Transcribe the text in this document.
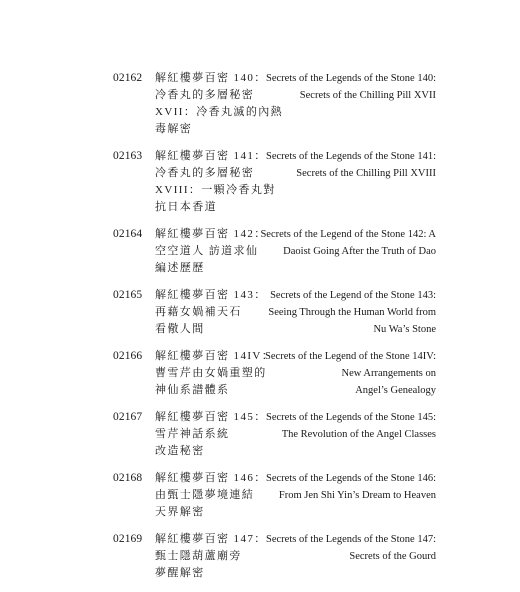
02162 解紅樓夢百密 140：
冷香丸的多層秘密
XVII：冷香丸滅的內熱
毒解密
Secrets of the Legends of the Stone 140:
Secrets of the Chilling Pill XVII
02163 解紅樓夢百密 141：
冷香丸的多層秘密
XVIII：一顆冷香丸對
抗日本香道
Secrets of the Legends of the Stone 141:
Secrets of the Chilling Pill XVIII
02164 解紅樓夢百密 142：
空空道人 訪道求仙
編述歷歷
Secrets of the Legend of the Stone 142: A
Daoist Going After the Truth of Dao
02165 解紅樓夢百密 143：
再藉女媧補天石
看儆人間
Secrets of the Legend of the Stone 143:
Seeing Through the Human World from
Nu Wa’s Stone
02166 解紅樓夢百密 14IV：
曹雪芹由女媧重塑的
神仙系譜體系
Secrets of the Legend of the Stone 14IV:
New Arrangements on
Angel’s Genealogy
02167 解紅樓夢百密 145：
雪芹神話系統
改造秘密
Secrets of the Legends of the Stone 145:
The Revolution of the Angel Classes
02168 解紅樓夢百密 146：
由甄士隱夢境連結
天界解密
Secrets of the Legends of the Stone 146:
From Jen Shi Yin’s Dream to Heaven
02169 解紅樓夢百密 147：
甄士隱葫蘆廟旁
夢醒解密
Secrets of the Legends of the Stone 147:
Secrets of the Gourd
